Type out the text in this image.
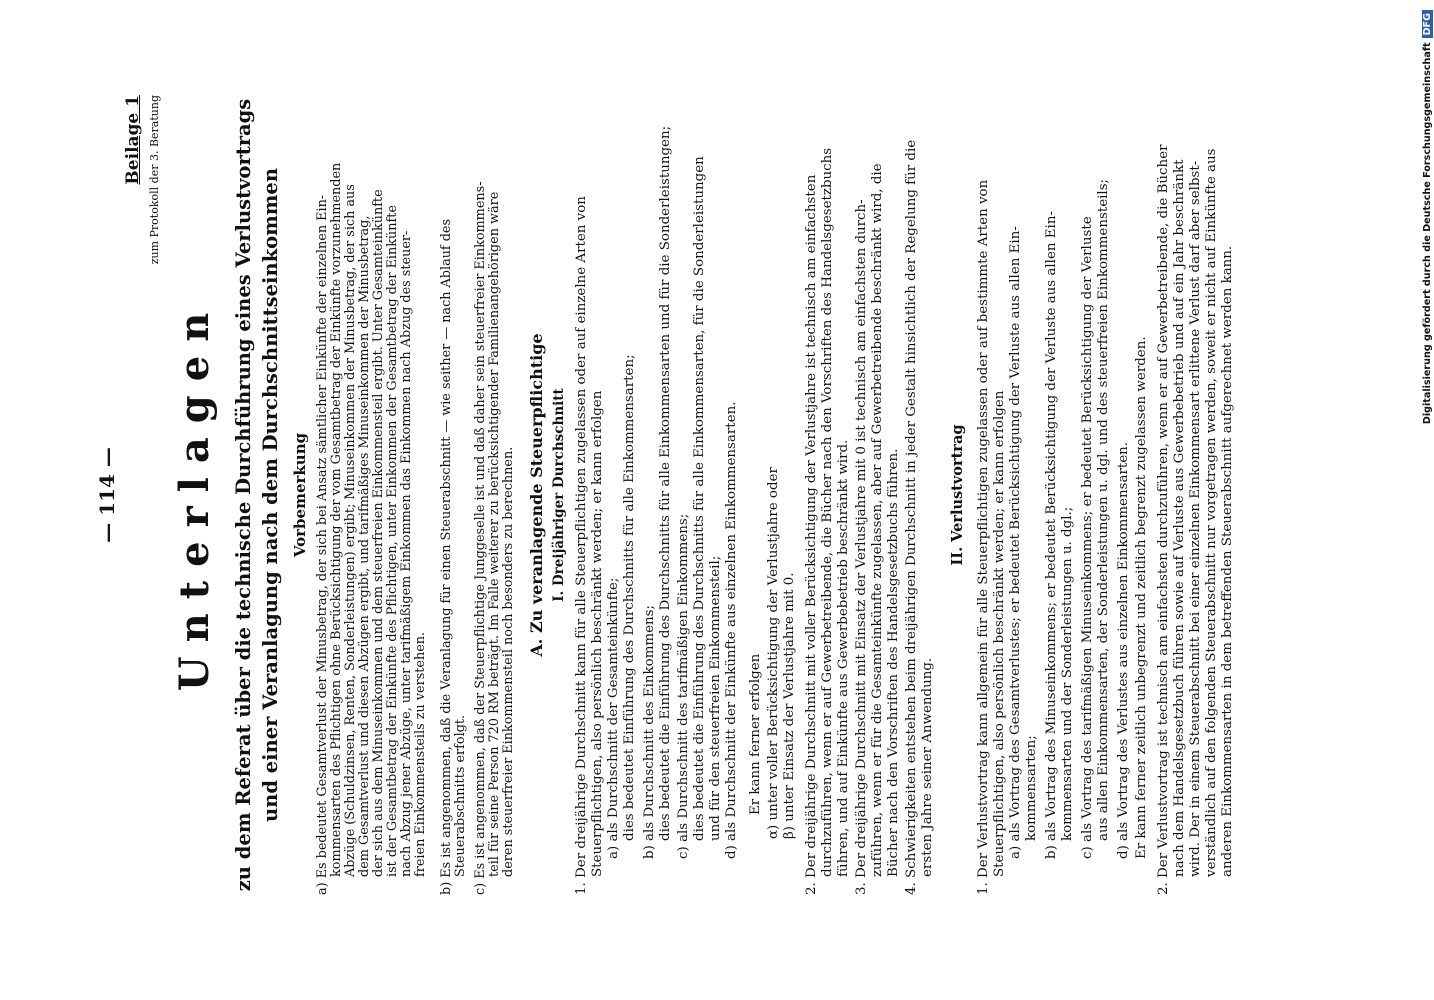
— 114 —
Beilage 1 zum Protokoll der 3. Beratung
Unterlagen zu dem Referat über die technische Durchführung eines Verlustvortrags und einer Veranlagung nach dem Durchschnittseinkommen Vorbemerkung a) Es bedeutet Gesamtverlust der Minusbetrag, der sich bei Ansatz sämtlicher Einkünfte der einzelnen Ein- kommensarten des Pflichtigen ohne Berücksichtigung der vom Gesamtbetrag der Einkünfte vorzunehmenden Abzüge (Schuldzinsen, Renten, Sonderleistungen) ergibt; Minuseinkommen der Minusbetrag, der sich aus dem Gesamtverlust und diesen Abzügen ergibt, und tarifmäßiges Minuseinkommen der Minusbetrag, der sich aus dem Minuseinkommen und dem steuerfreien Einkommensteil ergibt. Unter Gesamteinkünfte ist der Gesamtbetrag der Einkünfte des Pflichtigen, unter Einkommen der Gesamtbetrag der Einkünfte nach Abzug jener Abzüge, unter tarifmäßigem Einkommen das Einkommen nach Abzug des steuer- freien Einkommensteils zu verstehen. b) Es ist angenommen, daß die Veranlagung für einen Steuerabschnitt — wie seither — nach Ablauf des Steuerabschnitts erfolgt. c) Es ist angenommen, daß der Steuerpflichtige Junggeselle ist und daß daher sein steuerfreier Einkommens- teil für seine Person 720 RM beträgt. Im Falle weiterer zu berücksichtigender Familienangehörigen wäre deren steuerfreier Einkommensteil noch besonders zu berechnen. A. Zu veranlagende Steuerpflichtige I. Dreijähriger Durchschnitt 1. Der dreijährige Durchschnitt kann für alle Steuerpflichtigen zugelassen oder auf einzelne Arten von Steuerpflichtigen, also persönlich beschränkt werden; er kann erfolgen a) als Durchschnitt der Gesamteinkünfte; dies bedeutet Einführung des Durchschnitts für alle Einkommensarten; b) als Durchschnitt des Einkommens; dies bedeutet die Einführung des Durchschnitts für alle Einkommensarten und für die Sonderleistungen; c) als Durchschnitt des tarifmäßigen Einkommens; dies bedeutet die Einführung des Durchschnitts für alle Einkommensarten, für die Sonderleistungen und für den steuerfreien Einkommensteil; d) als Durchschnitt der Einkünfte aus einzelnen Einkommensarten. Er kann ferner erfolgen α) unter voller Berücksichtigung der Verlustjahre oder β) unter Einsatz der Verlustjahre mit 0. 2. Der dreijährige Durchschnitt mit voller Berücksichtigung der Verlustjahre ist technisch am einfachsten durchzuführen, wenn er auf Gewerbetreibende, die Bücher nach den Vorschriften des Handelsgesetzbuchs führen, und auf Einkünfte aus Gewerbebetrieb beschränkt wird. 3. Der dreijährige Durchschnitt mit Einsatz der Verlustjahre mit 0 ist technisch am einfachsten durch- zuführen, wenn er für die Gesamteinkünfte zugelassen, aber auf Gewerbetreibende beschränkt wird, die Bücher nach den Vorschriften des Handelsgesetzbuchs führen. 4. Schwierigkeiten entstehen beim dreijährigen Durchschnitt in jeder Gestalt hinsichtlich der Regelung für die ersten Jahre seiner Anwendung.
II. Verlustvortrag 1. Der Verlustvortrag kann allgemein für alle Steuerpflichtigen zugelassen oder auf bestimmte Arten von Steuerpflichtigen, also persönlich beschränkt werden; er kann erfolgen a) als Vortrag des Gesamtverlustes; er bedeutet Berücksichtigung der Verluste aus allen Ein- kommensarten; b) als Vortrag des Minuseinkommens; er bedeutet Berücksichtigung der Verluste aus allen Ein- kommensarten und der Sonderleistungen u. dgl.; c) als Vortrag des tarifmäßigen Minuseinkommens; er bedeutet Berücksichtigung der Verluste aus allen Einkommensarten, der Sonderleistungen u. dgl. und des steuerfreien Einkommensteils; d) als Vortrag des Verlustes aus einzelnen Einkommensarten. Er kann ferner zeitlich unbegrenzt und zeitlich begrenzt zugelassen werden. 2. Der Verlustvortrag ist technisch am einfachsten durchzuführen, wenn er auf Gewerbetreibende, die Bücher nach dem Handelsgesetzbuch führen sowie auf Verluste aus Gewerbebetrieb und auf ein Jahr beschränkt wird. Der in einem Steuerabschnitt bei einer einzelnen Einkommensart erlittene Verlust darf aber selbst- verständlich auf den folgenden Steuerabschnitt nur vorgetragen werden, soweit er nicht auf Einkünfte aus anderen Einkommensarten in dem betreffenden Steuerabschnitt aufgerechnet werden kann.
Digitalisierung gefördert durch die Deutsche ForschungsgemeinschaftDFG
